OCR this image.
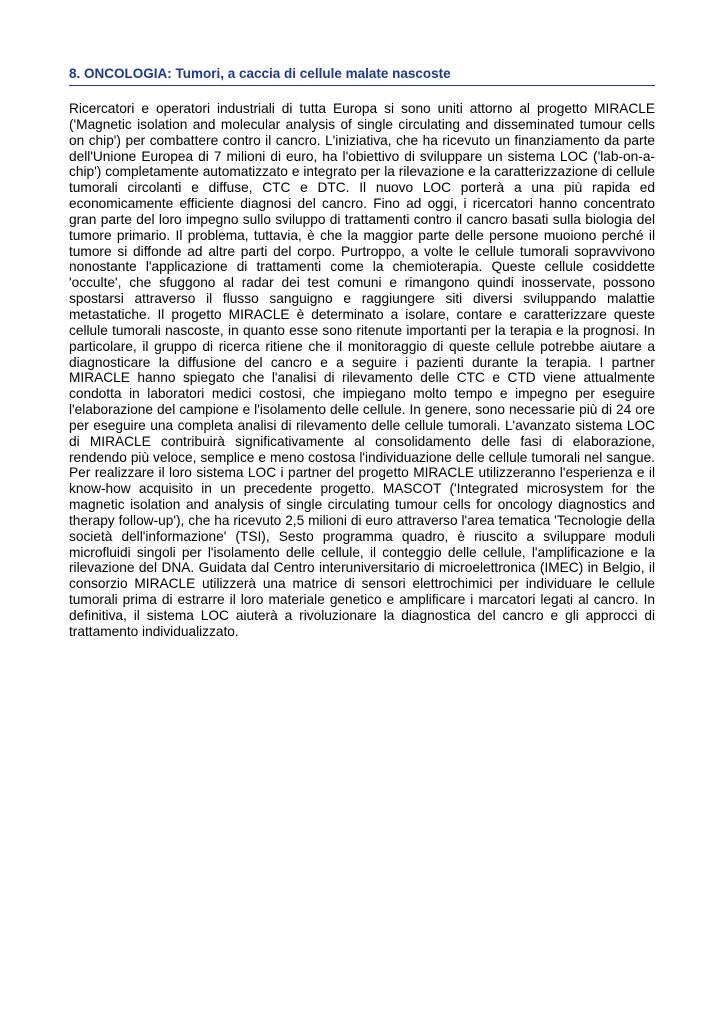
8. ONCOLOGIA: Tumori, a caccia di cellule malate nascoste

Ricercatori e operatori industriali di tutta Europa si sono uniti attorno al progetto MIRACLE ('Magnetic isolation and molecular analysis of single circulating and disseminated tumour cells on chip') per combattere contro il cancro. L'iniziativa, che ha ricevuto un finanziamento da parte dell'Unione Europea di 7 milioni di euro, ha l'obiettivo di sviluppare un sistema LOC ('lab-on-a-chip') completamente automatizzato e integrato per la rilevazione e la caratterizzazione di cellule tumorali circolanti e diffuse, CTC e DTC. Il nuovo LOC porterà a una più rapida ed economicamente efficiente diagnosi del cancro. Fino ad oggi, i ricercatori hanno concentrato gran parte del loro impegno sullo sviluppo di trattamenti contro il cancro basati sulla biologia del tumore primario. Il problema, tuttavia, è che la maggior parte delle persone muoiono perché il tumore si diffonde ad altre parti del corpo. Purtroppo, a volte le cellule tumorali sopravvivono nonostante l'applicazione di trattamenti come la chemioterapia. Queste cellule cosiddette 'occulte', che sfuggono al radar dei test comuni e rimangono quindi inosservate, possono spostarsi attraverso il flusso sanguigno e raggiungere siti diversi sviluppando malattie metastatiche. Il progetto MIRACLE è determinato a isolare, contare e caratterizzare queste cellule tumorali nascoste, in quanto esse sono ritenute importanti per la terapia e la prognosi. In particolare, il gruppo di ricerca ritiene che il monitoraggio di queste cellule potrebbe aiutare a diagnosticare la diffusione del cancro e a seguire i pazienti durante la terapia. I partner MIRACLE hanno spiegato che l'analisi di rilevamento delle CTC e CTD viene attualmente condotta in laboratori medici costosi, che impiegano molto tempo e impegno per eseguire l'elaborazione del campione e l'isolamento delle cellule. In genere, sono necessarie più di 24 ore per eseguire una completa analisi di rilevamento delle cellule tumorali. L'avanzato sistema LOC di MIRACLE contribuirà significativamente al consolidamento delle fasi di elaborazione, rendendo più veloce, semplice e meno costosa l'individuazione delle cellule tumorali nel sangue. Per realizzare il loro sistema LOC i partner del progetto MIRACLE utilizzeranno l'esperienza e il know-how acquisito in un precedente progetto. MASCOT ('Integrated microsystem for the magnetic isolation and analysis of single circulating tumour cells for oncology diagnostics and therapy follow-up'), che ha ricevuto 2,5 milioni di euro attraverso l'area tematica 'Tecnologie della società dell'informazione' (TSI), Sesto programma quadro, è riuscito a sviluppare moduli microfluidi singoli per l'isolamento delle cellule, il conteggio delle cellule, l'amplificazione e la rilevazione del DNA. Guidata dal Centro interuniversitario di microelettronica (IMEC) in Belgio, il consorzio MIRACLE utilizzerà una matrice di sensori elettrochimici per individuare le cellule tumorali prima di estrarre il loro materiale genetico e amplificare i marcatori legati al cancro. In definitiva, il sistema LOC aiuterà a rivoluzionare la diagnostica del cancro e gli approcci di trattamento individualizzato.
